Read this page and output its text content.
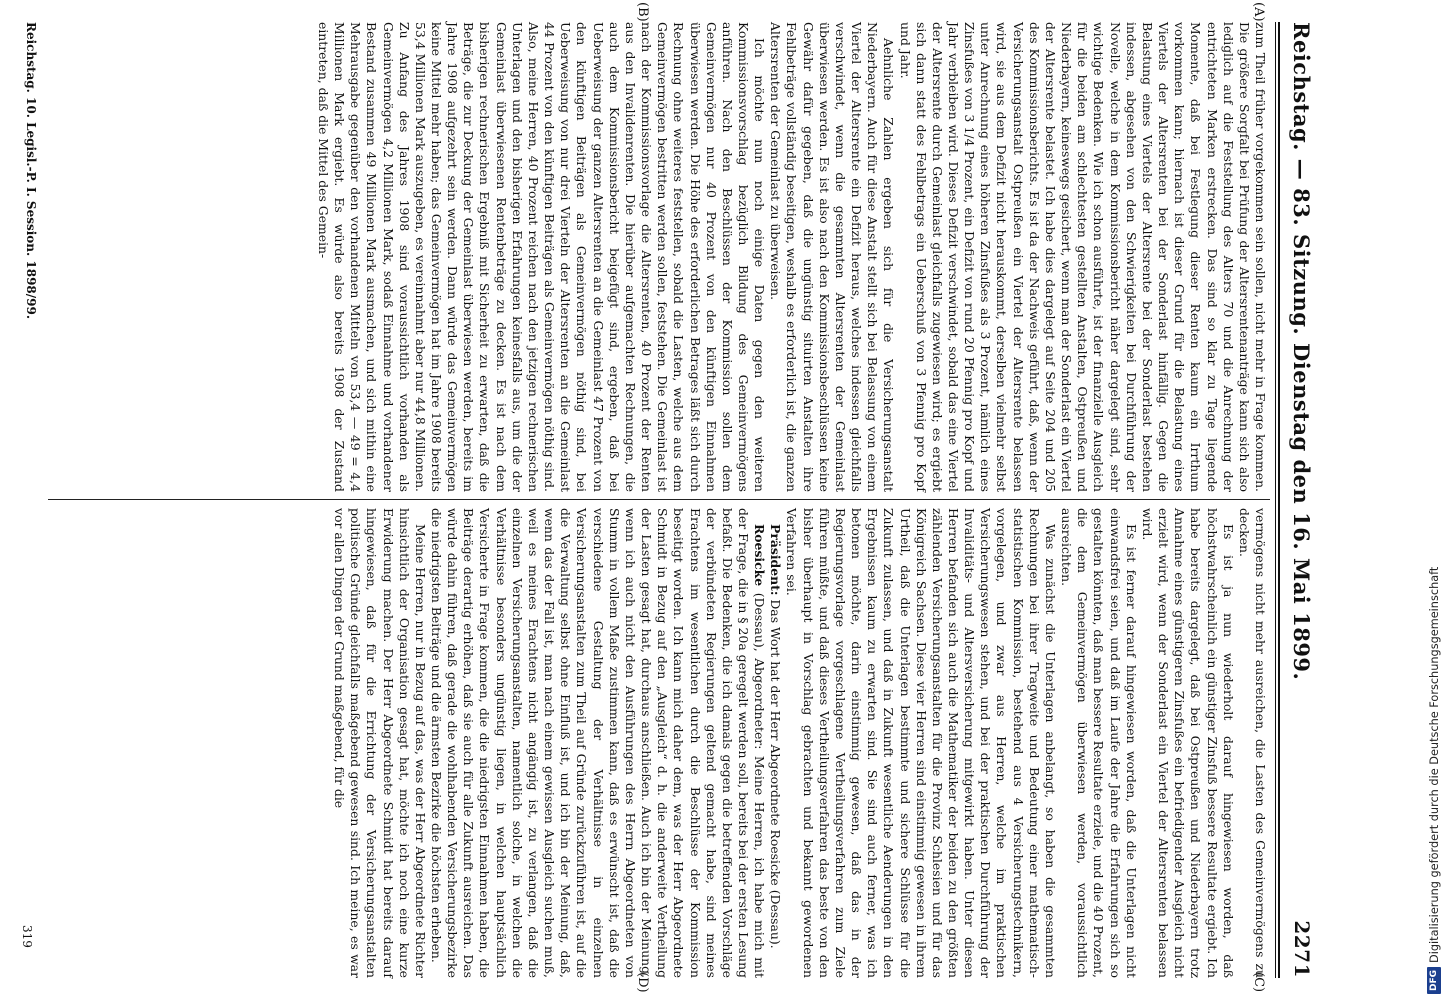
Reichstag. — 83. Sitzung. Dienstag den 16. Mai 1899.
2271
(A)
(B)
(C)
(D)

zum Theil früher vorgekommen sein sollen, nicht mehr in Frage kommen. Die größere Sorgfalt bei Prüfung der Altersrentenanträge kann sich also lediglich auf die Feststellung des Alters 70 und die Anrechnung der entrichteten Marken erstrecken. Das sind so klar zu Tage liegende Momente, daß bei Festlegung dieser Renten kaum ein Irrthum vorkommen kann; hiernach ist dieser Grund für die Belastung eines Viertels der Altersrenten bei der Sonderlast hinfällig. Gegen die Belastung eines Viertels der Altersrente bei der Sonderlast bestehen indessen, abgesehen von den Schwierigkeiten bei Durchführung der Novelle, welche in dem Kommissionsbericht näher dargelegt sind, sehr wichtige Bedenken. Wie ich schon ausführte, ist der finanzielle Ausgleich für die beiden am schlechtesten gestellten Anstalten, Ostpreußen und Niederbayern, keineswegs gesichert, wenn man der Sonderlast ein Viertel der Altersrente belastet. Ich habe dies dargelegt auf Seite 204 und 205 des Kommissionsberichts. Es ist da der Nachweis geführt, daß, wenn der Versicherungsanstalt Ostpreußen ein Viertel der Altersrente belassen wird, sie aus dem Defizit nicht herauskommt, derselben vielmehr selbst unter Anrechnung eines höheren Zinsfußes als 3 Prozent, nämlich eines Zinsfußes von 3 1/4 Prozent, ein Defizit von rund 20 Pfennig pro Kopf und Jahr verbleiben wird. Dieses Defizit verschwindet, sobald das eine Viertel der Altersrente durch Gemeinlast gleichfalls zugewiesen wird; es ergiebt sich dann statt des Fehlbetrags ein Ueberschuß von 3 Pfennig pro Kopf und Jahr.

Aehnliche Zahlen ergeben sich für die Versicherungsanstalt Niederbayern. Auch für diese Anstalt stellt sich bei Belassung von einem Viertel der Altersrente ein Defizit heraus, welches indessen gleichfalls verschwindet, wenn die gesammten Altersrenten der Gemeinlast überwiesen werden. Es ist also nach den Kommissionsbeschlüssen keine Gewähr dafür gegeben, daß die ungünstig situirten Anstalten ihre Fehlbeträge vollständig beseitigen, weshalb es erforderlich ist, die ganzen Altersrenten der Gemeinlast zu überweisen.

Ich möchte nun noch einige Daten gegen den weiteren Kommissionsvorschlag bezüglich Bildung des Gemeinvermögens anführen. Nach den Beschlüssen der Kommission sollen dem Gemeinvermögen nur 40 Prozent von den künftigen Einnahmen überwiesen werden. Die Höhe des erforderlichen Betrages läßt sich durch Rechnung ohne weiteres feststellen, sobald die Lasten, welche aus dem Gemeinvermögen bestritten werden sollen, feststehen. Die Gemeinlast ist nach der Kommissionsvorlage die Altersrenten, 40 Prozent der Renten aus den Invalidenrenten. Die hierüber aufgemachten Rechnungen, die auch dem Kommissionsbericht beigefügt sind, ergeben, daß bei Ueberweisung der ganzen Altersrenten an die Gemeinlast 47 Prozent von den künftigen Beiträgen als Gemeinvermögen nöthig sind, bei Ueberweisung von nur drei Vierteln der Altersrenten an die Gemeinlast 44 Prozent von den künftigen Beiträgen als Gemeinvermögen nöthig sind. Also, meine Herren, 40 Prozent reichen nach den jetzigen rechnerischen Unterlagen und den bisherigen Erfahrungen keinesfalls aus, um die der Gemeinlast überwiesenen Rentenbeträge zu decken. Es ist nach dem bisherigen rechnerischen Ergebniß mit Sicherheit zu erwarten, daß die Beträge, die zur Deckung der Gemeinlast überwiesen werden, bereits im Jahre 1908 aufgezehrt sein werden. Dann würde das Gemeinvermögen keine Mittel mehr haben; das Gemeinvermögen hat im Jahre 1908 bereits 53,4 Millionen Mark auszugeben, es vereinnahmt aber nur 44,8 Millionen. Zu Anfang des Jahres 1908 sind voraussichtlich vorhanden als Gemeinvermögen 4,2 Millionen Mark, sodaß Einnahme und vorhandener Bestand zusammen 49 Millionen Mark ausmachen, und sich mithin eine Mehrausgabe gegenüber den vorhandenen Mitteln von 53,4 — 49 = 4,4 Millionen Mark ergiebt. Es würde also bereits 1908 der Zustand eintreten, daß die Mittel des Gemein-

vermögens nicht mehr ausreichen, die Lasten des Gemeinvermögens zu decken.

Es ist ja nun wiederholt darauf hingewiesen worden, daß höchstwahrscheinlich ein günstiger Zinsfuß bessere Resultate ergiebt. Ich habe bereits dargelegt, daß bei Ostpreußen und Niederbayern trotz Annahme eines günstigeren Zinsfußes ein befriedigender Ausgleich nicht erzielt wird, wenn der Sonderlast ein Viertel der Altersrenten belassen wird.

Es ist ferner darauf hingewiesen worden, daß die Unterlagen nicht einwandsfrei seien, und daß im Laufe der Jahre die Erfahrungen sich so gestalten könnten, daß man bessere Resultate erziele, und die 40 Prozent, die dem Gemeinvermögen überwiesen werden, voraussichtlich ausreichten.

Was zunächst die Unterlagen anbelangt, so haben die gesammten Rechnungen bei ihrer Tragweite und Bedeutung einer mathematisch-statistischen Kommission, bestehend aus 4 Versicherungstechnikern, vorgelegen, und zwar aus Herren, welche im praktischen Versicherungswesen stehen, und bei der praktischen Durchführung der Invaliditäts- und Altersversicherung mitgewirkt haben. Unter diesen Herren befanden sich auch die Mathematiker der beiden zu den größten zählenden Versicherungsanstalten für die Provinz Schlesien und für das Königreich Sachsen. Diese vier Herren sind einstimmig gewesen in ihrem Urtheil, daß die Unterlagen bestimmte und sichere Schlüsse für die Zukunft zulassen, und daß in Zukunft wesentliche Aenderungen in den Ergebnissen kaum zu erwarten sind. Sie sind auch ferner, was ich betonen möchte, darin einstimmig gewesen, daß das in der Regierungsvorlage vorgeschlagene Vertheilungsverfahren zum Ziele führen müßte, und daß dieses Vertheilungsverfahren das beste von den bisher überhaupt in Vorschlag gebrachten und bekannt gewordenen Verfahren sei.

Präsident: Das Wort hat der Herr Abgeordnete Roesicke (Dessau).

Roesicke (Dessau), Abgeordneter: Meine Herren, ich habe mich mit der Frage, die in § 20a geregelt werden soll, bereits bei der ersten Lesung befaßt. Die Bedenken, die ich damals gegen die betreffenden Vorschläge der verbündeten Regierungen geltend gemacht habe, sind meines Erachtens im wesentlichen durch die Beschlüsse der Kommission beseitigt worden. Ich kann mich daher dem, was der Herr Abgeordnete Schmidt in Bezug auf den „Ausgleich“ d. h. die anderweite Vertheilung der Lasten gesagt hat, durchaus anschließen. Auch ich bin der Meinung, wenn ich auch nicht den Ausführungen des Herrn Abgeordneten von Stumm in vollem Maße zustimmen kann, daß es erwünscht ist, daß die verschiedene Gestaltung der Verhältnisse in einzelnen Versicherungsanstalten zum Theil auf Gründe zurückzuführen ist, auf die die Verwaltung selbst ohne Einfluß ist, und ich bin der Meinung, daß, wenn das der Fall ist, man nach einem gewissen Ausgleich suchen muß, weil es meines Erachtens nicht angängig ist, zu verlangen, daß die einzelnen Versicherungsanstalten, namentlich solche, in welchen die Verhältnisse besonders ungünstig liegen, in welchen hauptsächlich Versicherte in Frage kommen, die die niedrigsten Einnahmen haben, die Beiträge derartig erhöhen, daß sie auch für alle Zukunft ausreichen. Das würde dahin führen, daß gerade die wohlhabenden Versicherungsbezirke die niedrigsten Beiträge und die ärmsten Bezirke die höchsten erheben.

Meine Herren, nur in Bezug auf das, was der Herr Abgeordnete Richter hinsichtlich der Organisation gesagt hat, möchte ich noch eine kurze Erwiderung machen. Der Herr Abgeordnete Schmidt hat bereits darauf hingewiesen, daß für die Errichtung der Versicherungsanstalten politische Gründe gleichfalls maßgebend gewesen sind. Ich meine, es war vor allen Dingen der Grund maßgebend, für die

Reichstag. 10. Legisl.-P. I. Session. 1898/99.
319
DFG
Digitalisierung gefördert durch die Deutsche Forschungsgemeinschaft
